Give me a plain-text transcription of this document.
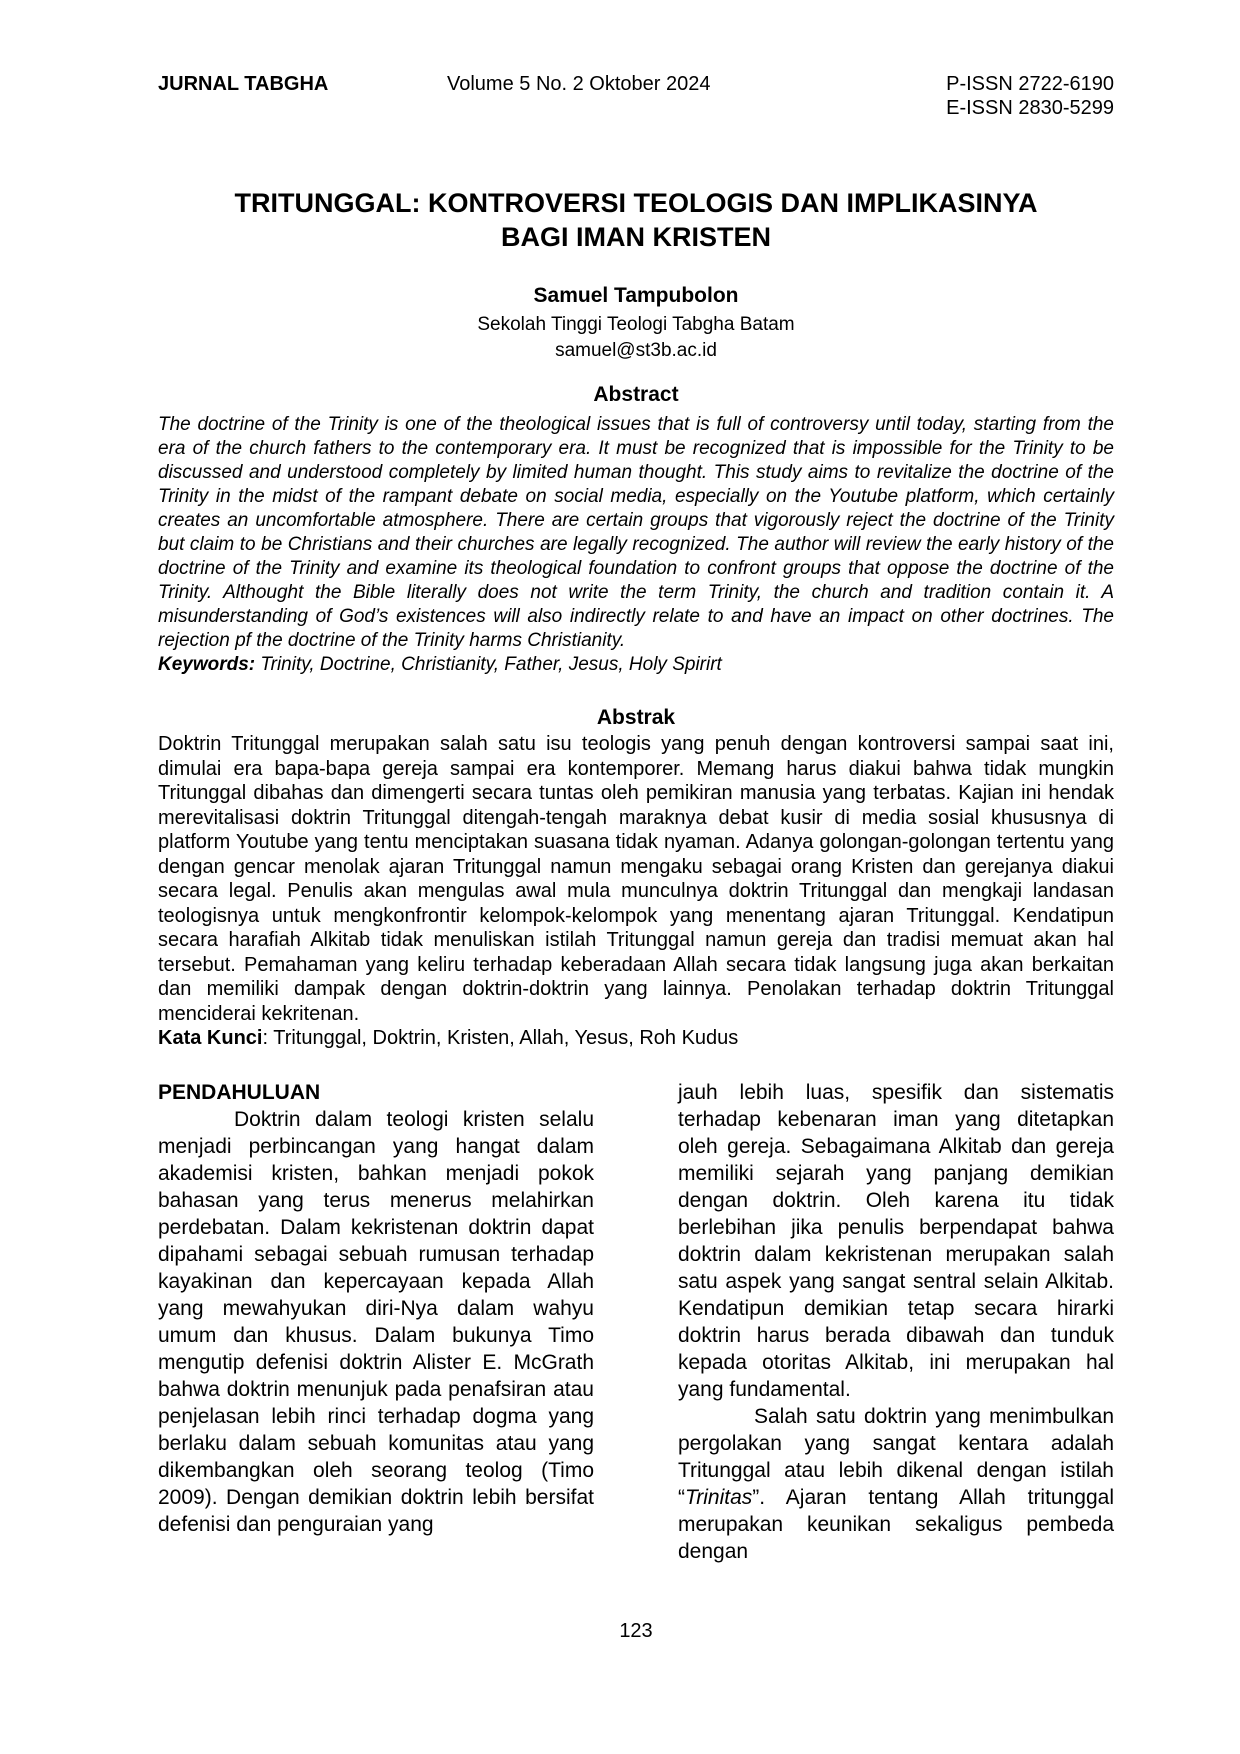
JURNAL TABGHA	Volume 5 No. 2 Oktober 2024	P-ISSN 2722-6190
E-ISSN 2830-5299
TRITUNGGAL: KONTROVERSI TEOLOGIS DAN IMPLIKASINYA
BAGI IMAN KRISTEN
Samuel Tampubolon
Sekolah Tinggi Teologi Tabgha Batam
samuel@st3b.ac.id
Abstract

The doctrine of the Trinity is one of the theological issues that is full of controversy until today, starting from the era of the church fathers to the contemporary era. It must be recognized that is impossible for the Trinity to be discussed and understood completely by limited human thought. This study aims to revitalize the doctrine of the Trinity in the midst of the rampant debate on social media, especially on the Youtube platform, which certainly creates an uncomfortable atmosphere. There are certain groups that vigorously reject the doctrine of the Trinity but claim to be Christians and their churches are legally recognized. The author will review the early history of the doctrine of the Trinity and examine its theological foundation to confront groups that oppose the doctrine of the Trinity. Althought the Bible literally does not write the term Trinity, the church and tradition contain it. A misunderstanding of God’s existences will also indirectly relate to and have an impact on other doctrines. The rejection pf the doctrine of the Trinity harms Christianity.

Keywords: Trinity, Doctrine, Christianity, Father, Jesus, Holy Spirirt

Abstrak

Doktrin Tritunggal merupakan salah satu isu teologis yang penuh dengan kontroversi sampai saat ini, dimulai era bapa-bapa gereja sampai era kontemporer. Memang harus diakui bahwa tidak mungkin Tritunggal dibahas dan dimengerti secara tuntas oleh pemikiran manusia yang terbatas. Kajian ini hendak merevitalisasi doktrin Tritunggal ditengah-tengah maraknya debat kusir di media sosial khususnya di platform Youtube yang tentu menciptakan suasana tidak nyaman. Adanya golongan-golongan tertentu yang dengan gencar menolak ajaran Tritunggal namun mengaku sebagai orang Kristen dan gerejanya diakui secara legal. Penulis akan mengulas awal mula munculnya doktrin Tritunggal dan mengkaji landasan teologisnya untuk mengkonfrontir kelompok-kelompok yang menentang ajaran Tritunggal. Kendatipun secara harafiah Alkitab tidak menuliskan istilah Tritunggal namun gereja dan tradisi memuat akan hal tersebut. Pemahaman yang keliru terhadap keberadaan Allah secara tidak langsung juga akan berkaitan dan memiliki dampak dengan doktrin-doktrin yang lainnya. Penolakan terhadap doktrin Tritunggal menciderai kekritenan.

Kata Kunci: Tritunggal, Doktrin, Kristen, Allah, Yesus, Roh Kudus

PENDAHULUAN

Doktrin dalam teologi kristen selalu menjadi perbincangan yang hangat dalam akademisi kristen, bahkan menjadi pokok bahasan yang terus menerus melahirkan perdebatan. Dalam kekristenan doktrin dapat dipahami sebagai sebuah rumusan terhadap kayakinan dan kepercayaan kepada Allah yang mewahyukan diri-Nya dalam wahyu umum dan khusus. Dalam bukunya Timo mengutip defenisi doktrin Alister E. McGrath bahwa doktrin menunjuk pada penafsiran atau penjelasan lebih rinci terhadap dogma yang berlaku dalam sebuah komunitas atau yang dikembangkan oleh seorang teolog (Timo 2009). Dengan demikian doktrin lebih bersifat defenisi dan penguraian yang

jauh lebih luas, spesifik dan sistematis terhadap kebenaran iman yang ditetapkan oleh gereja. Sebagaimana Alkitab dan gereja memiliki sejarah yang panjang demikian dengan doktrin. Oleh karena itu tidak berlebihan jika penulis berpendapat bahwa doktrin dalam kekristenan merupakan salah satu aspek yang sangat sentral selain Alkitab. Kendatipun demikian tetap secara hirarki doktrin harus berada dibawah dan tunduk kepada otoritas Alkitab, ini merupakan hal yang fundamental.

Salah satu doktrin yang menimbulkan pergolakan yang sangat kentara adalah Tritunggal atau lebih dikenal dengan istilah “Trinitas”. Ajaran tentang Allah tritunggal merupakan keunikan sekaligus pembeda dengan

123
